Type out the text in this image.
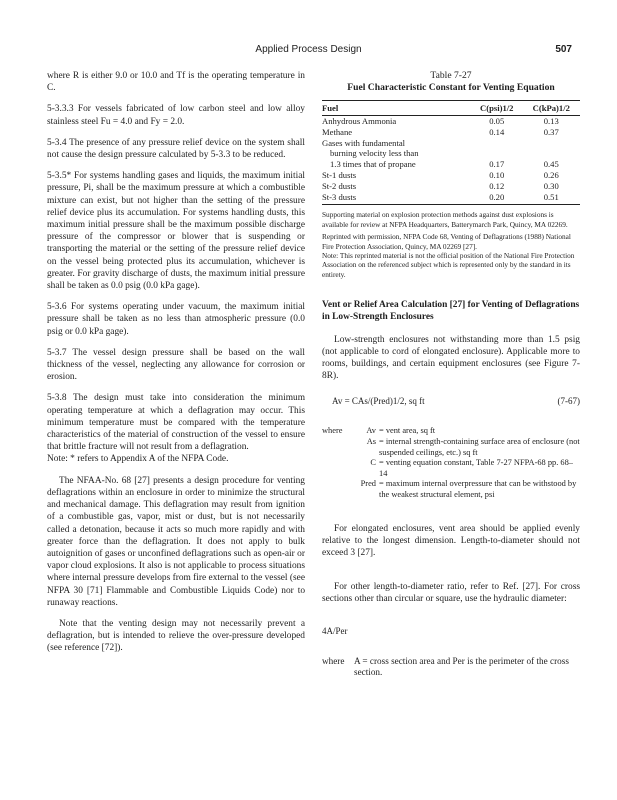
Applied Process Design	507

where R is either 9.0 or 10.0 and Tf is the operating temperature in C.

5-3.3.3 For vessels fabricated of low carbon steel and low alloy stainless steel Fu = 4.0 and Fy = 2.0.

5-3.4 The presence of any pressure relief device on the system shall not cause the design pressure calculated by 5-3.3 to be reduced.

5-3.5* For systems handling gases and liquids, the maximum initial pressure, Pi, shall be the maximum pressure at which a combustible mixture can exist, but not higher than the setting of the pressure relief device plus its accumulation. For systems handling dusts, this maximum initial pressure shall be the maximum possible discharge pressure of the compressor or blower that is suspending or transporting the material or the setting of the pressure relief device on the vessel being protected plus its accumulation, whichever is greater. For gravity discharge of dusts, the maximum initial pressure shall be taken as 0.0 psig (0.0 kPa gage).

5-3.6 For systems operating under vacuum, the maximum initial pressure shall be taken as no less than atmospheric pressure (0.0 psig or 0.0 kPa gage).

5-3.7 The vessel design pressure shall be based on the wall thickness of the vessel, neglecting any allowance for corrosion or erosion.

5-3.8 The design must take into consideration the minimum operating temperature at which a deflagration may occur. This minimum temperature must be compared with the temperature characteristics of the material of construction of the vessel to ensure that brittle fracture will not result from a deflagration.

Note: * refers to Appendix A of the NFPA Code.

The NFAA-No. 68 [27] presents a design procedure for venting deflagrations within an enclosure in order to minimize the structural and mechanical damage. This deflagration may result from ignition of a combustible gas, vapor, mist or dust, but is not necessarily called a detonation, because it acts so much more rapidly and with greater force than the deflagration. It does not apply to bulk autoignition of gases or unconfined deflagrations such as open-air or vapor cloud explosions. It also is not applicable to process situations where internal pressure develops from fire external to the vessel (see NFPA 30 [71] Flammable and Combustible Liquids Code) nor to runaway reactions.

Note that the venting design may not necessarily prevent a deflagration, but is intended to relieve the over-pressure developed (see reference [72]).

Table 7-27
Fuel Characteristic Constant for Venting Equation
Fuel	C(psi)1/2	C(kPa)1/2
Anhydrous Ammonia	0.05	0.13
Methane	0.14	0.37
Gases with fundamental		
burning velocity less than		
1.3 times that of propane	0.17	0.45
St-1 dusts	0.10	0.26
St-2 dusts	0.12	0.30
St-3 dusts	0.20	0.51

Supporting material on explosion protection methods against dust explosions is available for review at NFPA Headquarters, Batterymarch Park, Quincy, MA 02269.

Reprinted with permission, NFPA Code 68, Venting of Deflagrations (1988) National Fire Protection Association, Quincy, MA 02269 [27].

Note: This reprinted material is not the official position of the National Fire Protection Association on the referenced subject which is represented only by the standard in its entirety.

Vent or Relief Area Calculation [27] for Venting of Deflagrations in Low-Strength Enclosures

Low-strength enclosures not withstanding more than 1.5 psig (not applicable to cord of elongated enclosure). Applicable more to rooms, buildings, and certain equipment enclosures (see Figure 7-8R).

Av = CAs/(Pred)1/2, sq ft	(7-67)
where	Av = vent area, sq ft
As = internal strength-containing surface area of enclosure (not suspended ceilings, etc.) sq ft
C = venting equation constant, Table 7-27 NFPA-68 pp. 68–14
Pred = maximum internal overpressure that can be withstood by the weakest structural element, psi

For elongated enclosures, vent area should be applied evenly relative to the longest dimension. Length-to-diameter should not exceed 3 [27].

For other length-to-diameter ratio, refer to Ref. [27]. For cross sections other than circular or square, use the hydraulic diameter:

4A/Per
where	A = cross section area and Per is the perimeter of the cross section.
